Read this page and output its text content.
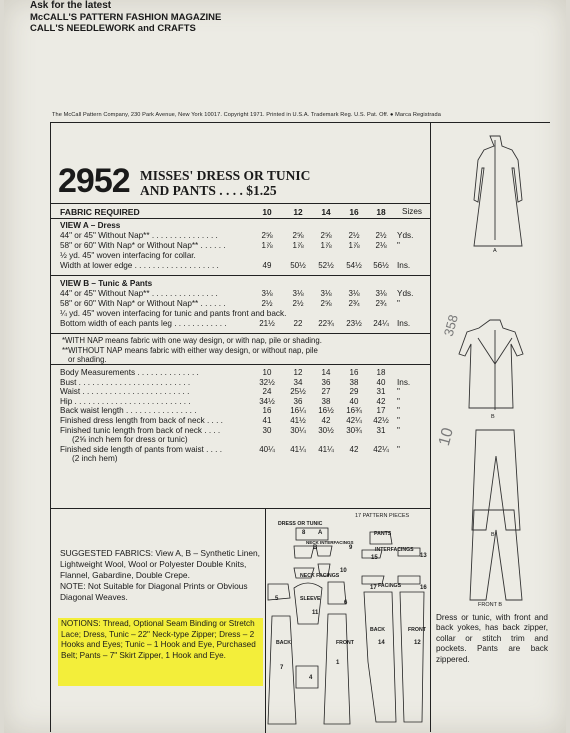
Ask for the latest
McCALL'S PATTERN FASHION MAGAZINE
CALL'S NEEDLEWORK and CRAFTS
The McCall Pattern Company, 230 Park Avenue, New York 10017. Copyright 1971. Printed in U.S.A. Trademark Reg. U.S. Pat. Off. ● Marca Registrada
2952 MISSES' DRESS OR TUNIC
AND PANTS . . . . $1.25
FABRIC REQUIRED	Sizes
VIEW A – Dress
VIEW B – Tunic & Pants
SUGGESTED FABRICS: View A, B – Synthetic Linen, Lightweight Wool, Wool or Polyester Double Knits, Flannel, Gabardine, Double Crepe.
NOTE: Not Suitable for Diagonal Prints or Obvious Diagonal Weaves.
NOTIONS: Thread, Optional Seam Binding or Stretch Lace; Dress, Tunic – 22" Neck-type Zipper; Dress – 2 Hooks and Eyes; Tunic – 1 Hook and Eye, Purchased Belt; Pants – 7" Skirt Zipper, 1 Hook and Eye.
17 PATTERN PIECES
DRESS OR TUNIC
NECK INTERFACINGS
NECK FACINGS
SLEEVE
BACK	FRONT
PANTS
INTERFACINGS
FACINGS
BACK	FRONT
A
B
B
FRONT B
Dress or tunic, with front and back yokes, has back zipper, collar or stitch trim and pockets. Pants are back zippered.
358
10
10	12	14	16	18
44" or 45" Without Nap** . . . . . . . . . . . . . . .	2⅝	2⅝	2⅝	2½	2½	Yds.
58" or 60" With Nap* or Without Nap** . . . . . .	1⅞	1⅞	1⅞	1⅞	2⅛	"
½ yd. 45" woven interfacing for collar.
Width at lower edge . . . . . . . . . . . . . . . . . . .	49	50½	52½	54½	56½	Ins.
44" or 45" Without Nap** . . . . . . . . . . . . . . .	3⅛	3⅛	3⅛	3⅛	3⅛	Yds.
58" or 60" With Nap* or Without Nap** . . . . . .	2½	2½	2⅝	2¾	2¾	"
¼ yd. 45" woven interfacing for tunic and pants front and back.
Bottom width of each pants leg . . . . . . . . . . . .	21½	22	22¾	23½	24¼	Ins.
*WITH NAP means fabric with one way design, or with nap, pile or shading.
**WITHOUT NAP means fabric with either way design, or without nap, pile
or shading.
Body Measurements . . . . . . . . . . . . . .	10	12	14	16	18
Bust . . . . . . . . . . . . . . . . . . . . . . . . .	32½	34	36	38	40	Ins.
Waist . . . . . . . . . . . . . . . . . . . . . . . .	24	25½	27	29	31	"
Hip . . . . . . . . . . . . . . . . . . . . . . . . . .	34½	36	38	40	42	"
Back waist length . . . . . . . . . . . . . . . .	16	16¼	16½	16¾	17	"
Finished dress length from back of neck . . . .	41	41½	42	42¼	42½	"
Finished tunic length from back of neck . . . .	30	30¼	30½	30¾	31	"
(2⅝ inch hem for dress or tunic)
Finished side length of pants from waist . . . .	40¼	41¼	41¼	42	42¼	"
(2 inch hem)
8 A
B	9
10
5
11
6
7
1
4
15	13
17	16
14	12
